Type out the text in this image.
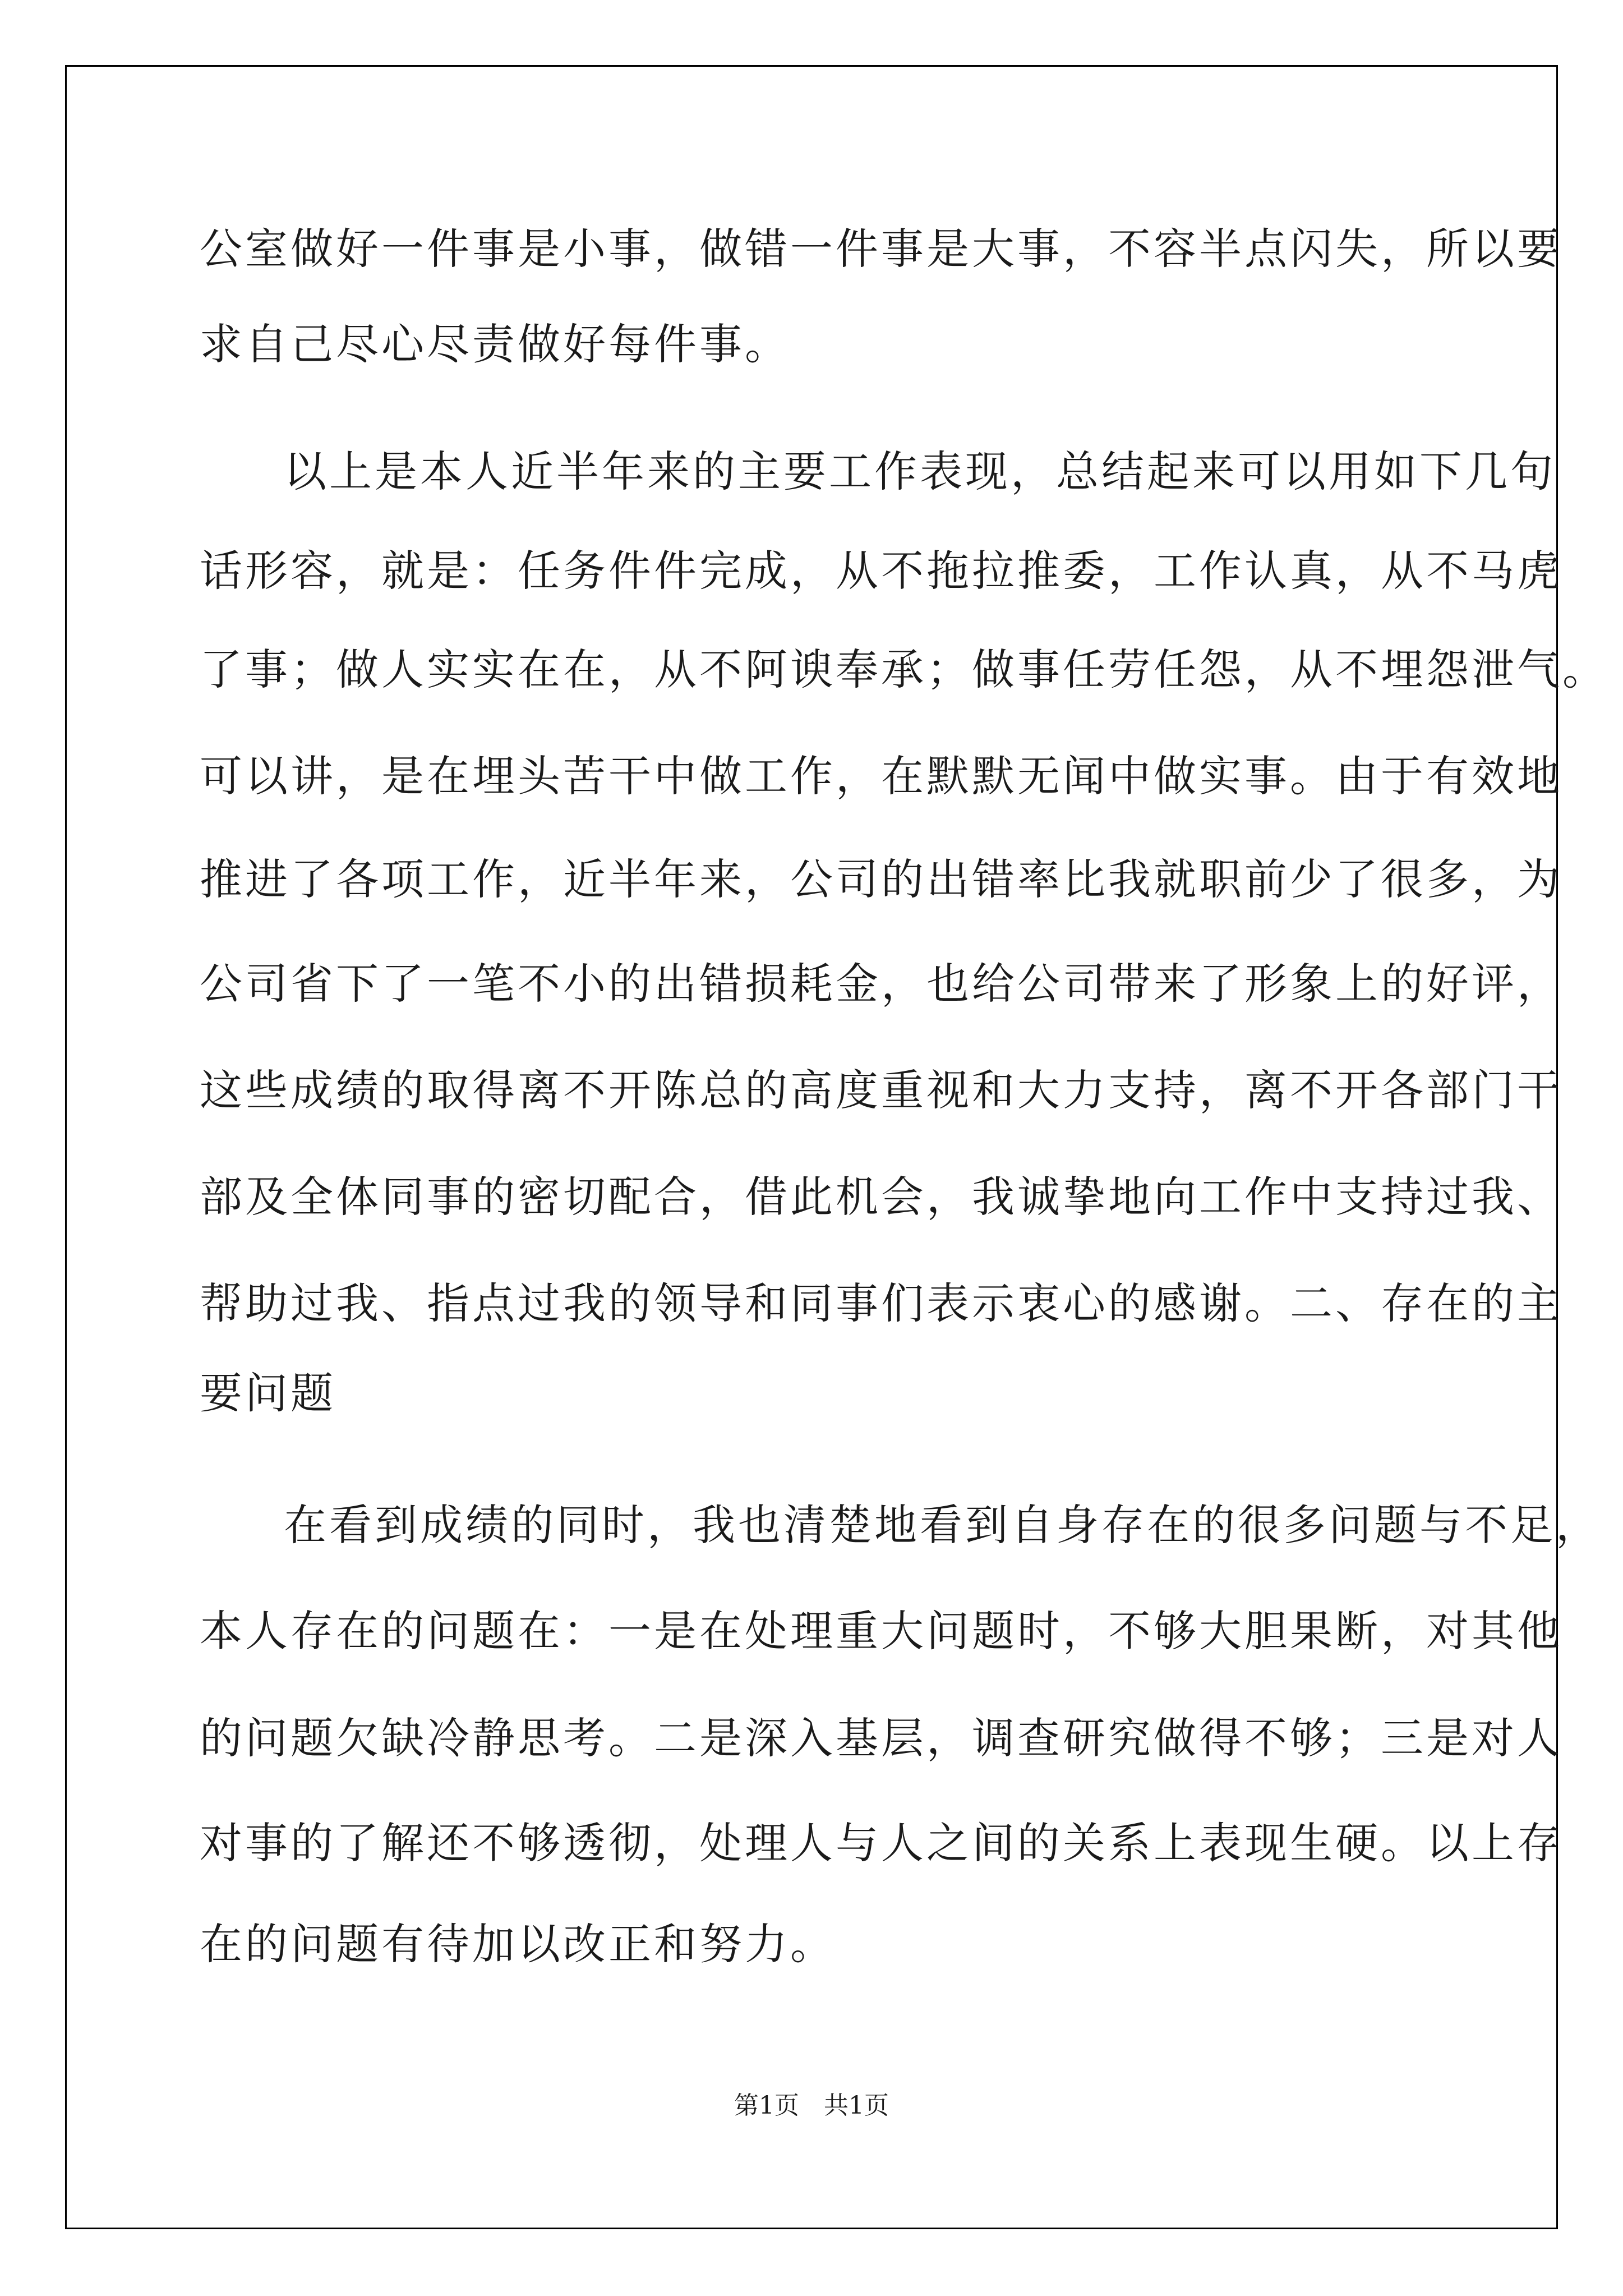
公室做好一件事是小事，做错一件事是大事，不容半点闪失，所以要
求自己尽心尽责做好每件事。
以上是本人近半年来的主要工作表现，总结起来可以用如下几句
话形容，就是：任务件件完成，从不拖拉推委，工作认真，从不马虎
了事；做人实实在在，从不阿谀奉承；做事任劳任怨，从不埋怨泄气。
可以讲，是在埋头苦干中做工作，在默默无闻中做实事。由于有效地
推进了各项工作，近半年来，公司的出错率比我就职前少了很多，为
公司省下了一笔不小的出错损耗金，也给公司带来了形象上的好评，
这些成绩的取得离不开陈总的高度重视和大力支持，离不开各部门干
部及全体同事的密切配合，借此机会，我诚挚地向工作中支持过我、
帮助过我、指点过我的领导和同事们表示衷心的感谢。二、存在的主
要问题
在看到成绩的同时，我也清楚地看到自身存在的很多问题与不足，
本人存在的问题在：一是在处理重大问题时，不够大胆果断，对其他
的问题欠缺冷静思考。二是深入基层，调查研究做得不够；三是对人
对事的了解还不够透彻，处理人与人之间的关系上表现生硬。以上存
在的问题有待加以改正和努力。
第1页　共1页
